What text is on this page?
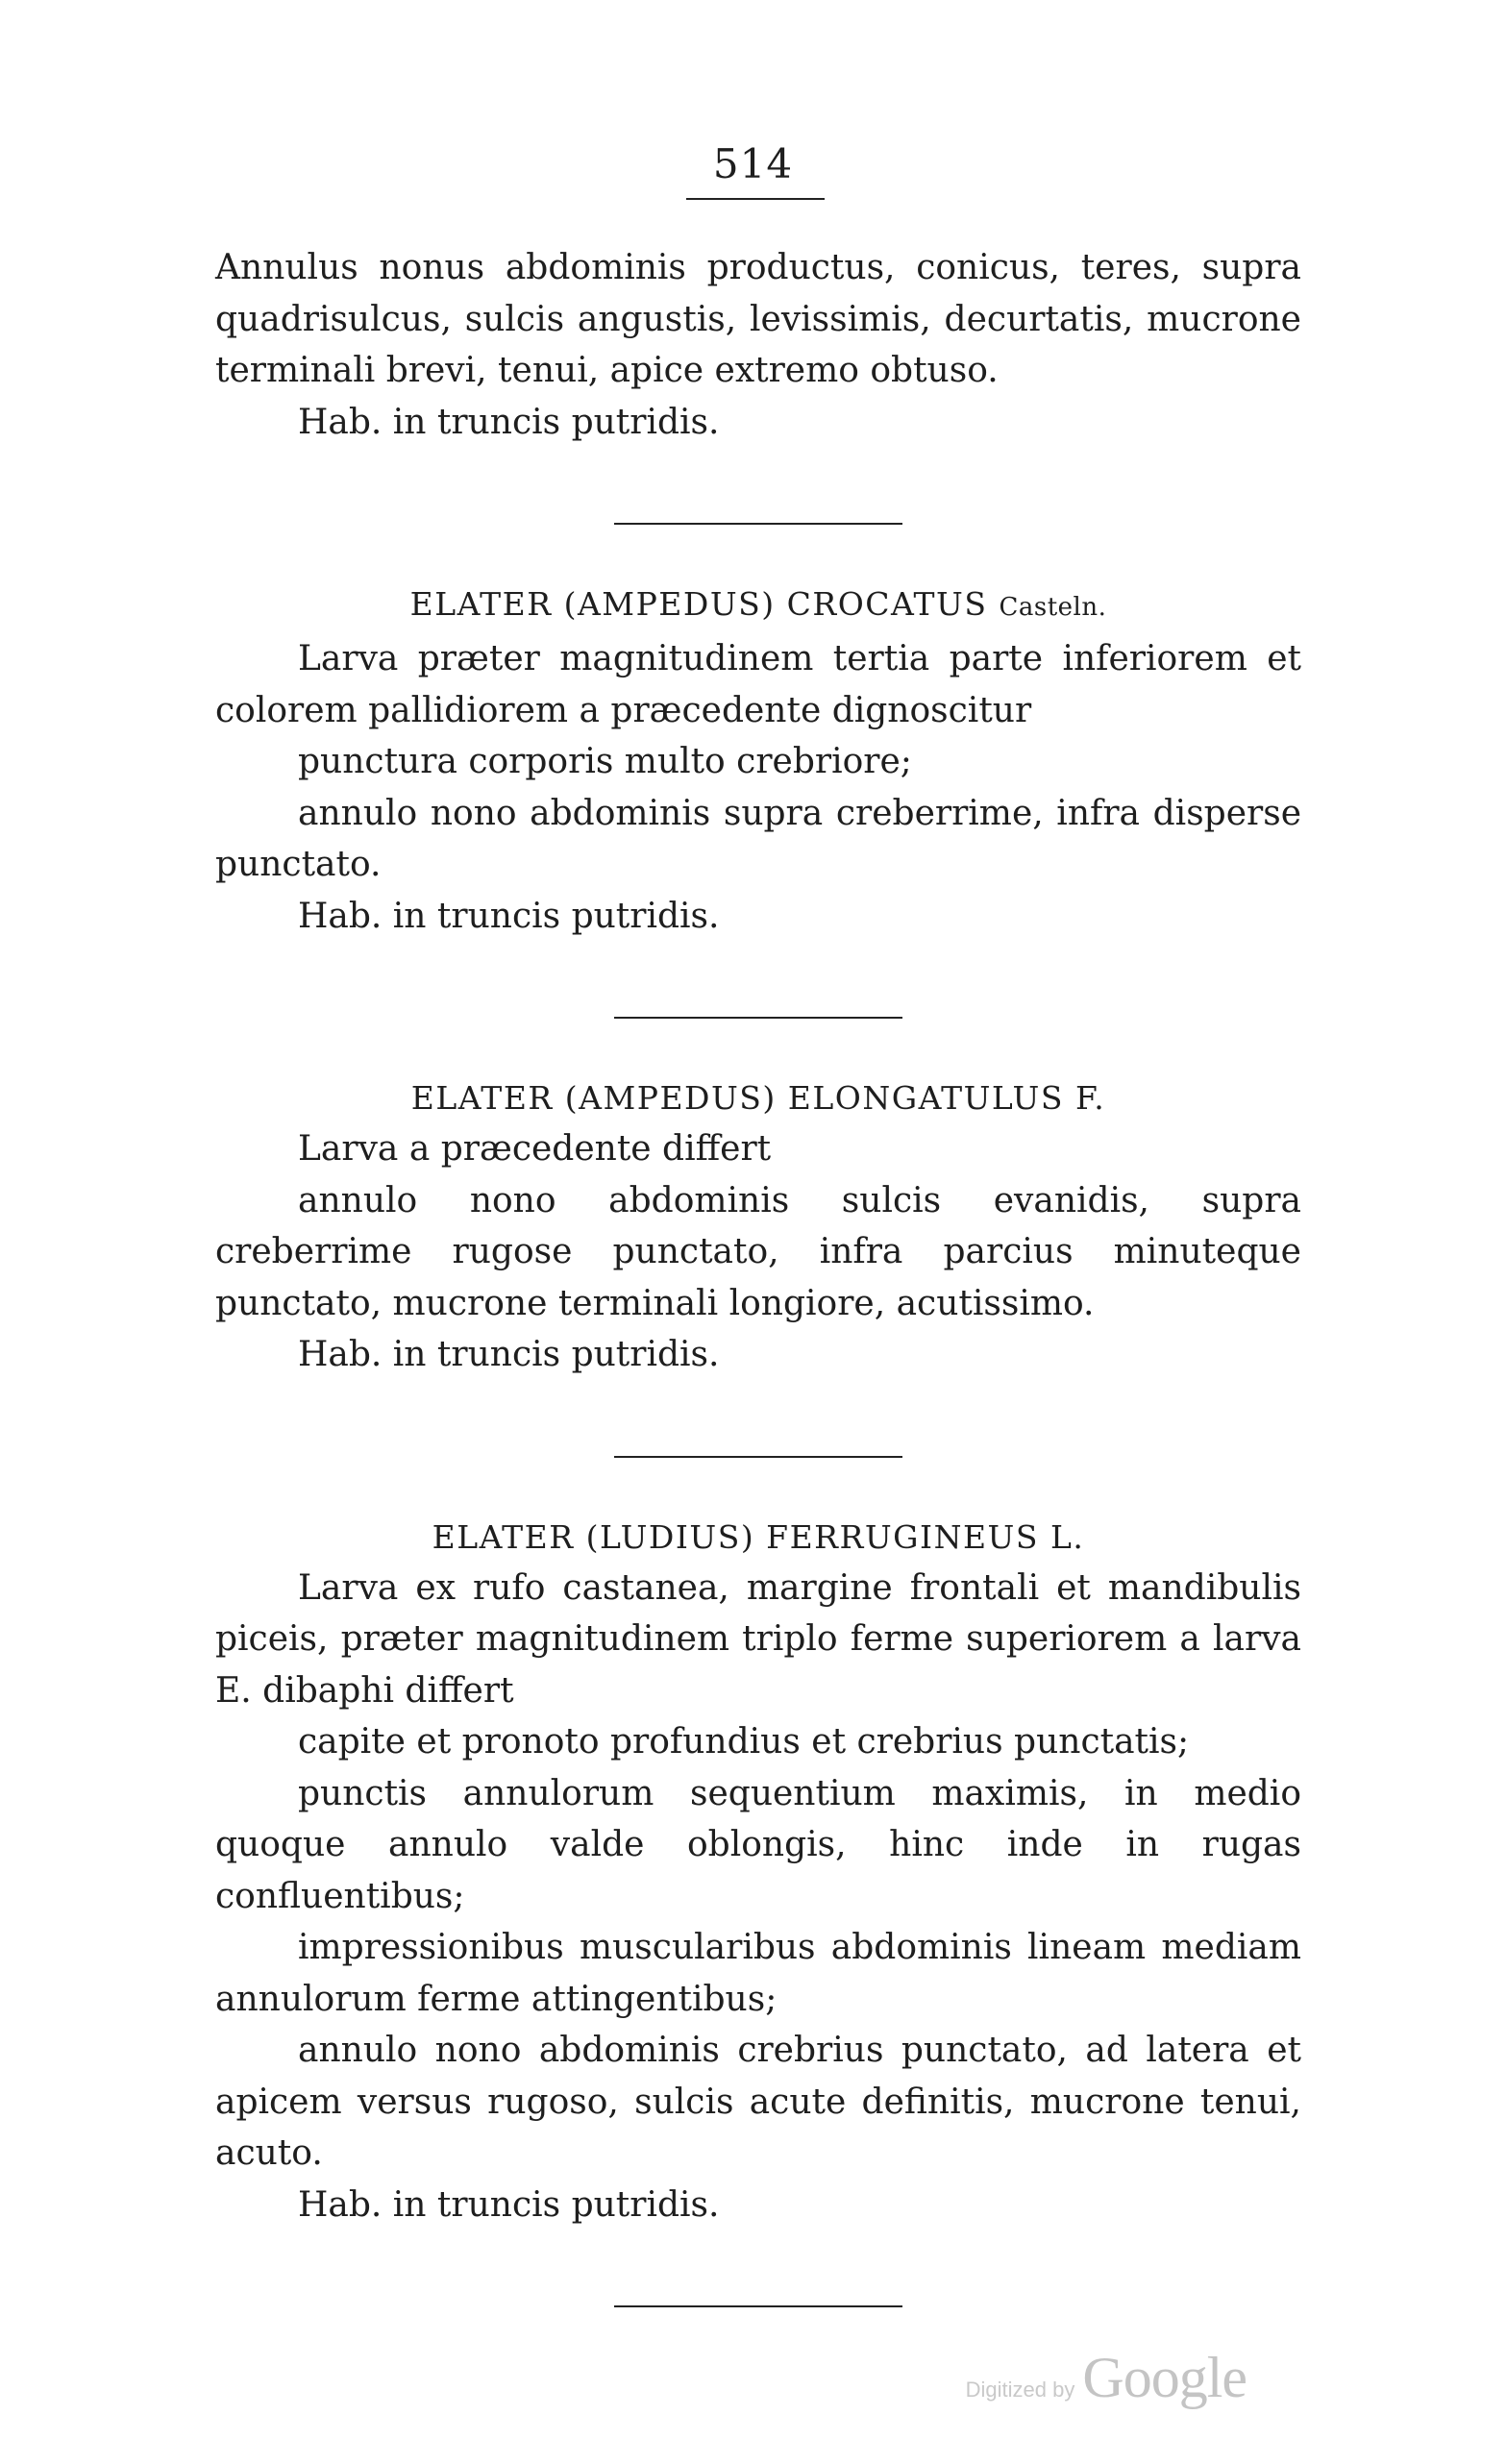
514

Annulus nonus abdominis productus, conicus, teres, supra quadrisulcus, sulcis angustis, levissimis, decurtatis, mucrone terminali brevi, tenui, apice extremo obtuso.

Hab. in truncis putridis.

ELATER (AMPEDUS) CROCATUS Casteln.

Larva præter magnitudinem tertia parte inferiorem et colorem pallidiorem a præcedente dignoscitur

punctura corporis multo crebriore;

annulo nono abdominis supra creberrime, infra disperse punctato.

Hab. in truncis putridis.

ELATER (AMPEDUS) ELONGATULUS F.

Larva a præcedente differt

annulo nono abdominis sulcis evanidis, supra creberrime rugose punctato, infra parcius minuteque punctato, mucrone terminali longiore, acutissimo.

Hab. in truncis putridis.

ELATER (LUDIUS) FERRUGINEUS L.

Larva ex rufo castanea, margine frontali et mandibulis piceis, præter magnitudinem triplo ferme superiorem a larva E. dibaphi differt

capite et pronoto profundius et crebrius punctatis;

punctis annulorum sequentium maximis, in medio quoque annulo valde oblongis, hinc inde in rugas confluentibus;

impressionibus muscularibus abdominis lineam mediam annulorum ferme attingentibus;

annulo nono abdominis crebrius punctato, ad latera et apicem versus rugoso, sulcis acute definitis, mucrone tenui, acuto.

Hab. in truncis putridis.

Digitized by Google
